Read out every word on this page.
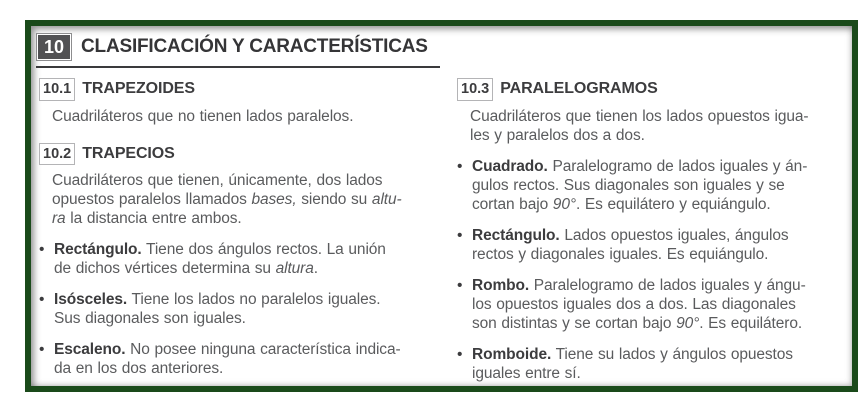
10 CLASIFICACIÓN Y CARACTERÍSTICAS
10.1 TRAPEZOIDES
Cuadriláteros que no tienen lados paralelos.
10.2 TRAPECIOS
Cuadriláteros que tienen, únicamente, dos lados
opuestos paralelos llamados bases, siendo su altu-
ra la distancia entre ambos.
• Rectángulo. Tiene dos ángulos rectos. La unión
de dichos vértices determina su altura.
• Isósceles. Tiene los lados no paralelos iguales.
Sus diagonales son iguales.
• Escaleno. No posee ninguna característica indica-
da en los dos anteriores.
10.3 PARALELOGRAMOS
Cuadriláteros que tienen los lados opuestos igua-
les y paralelos dos a dos.
• Cuadrado. Paralelogramo de lados iguales y án-
gulos rectos. Sus diagonales son iguales y se
cortan bajo 90°. Es equilátero y equiángulo.
• Rectángulo. Lados opuestos iguales, ángulos
rectos y diagonales iguales. Es equiángulo.
• Rombo. Paralelogramo de lados iguales y ángu-
los opuestos iguales dos a dos. Las diagonales
son distintas y se cortan bajo 90°. Es equilátero.
• Romboide. Tiene su lados y ángulos opuestos
iguales entre sí.
